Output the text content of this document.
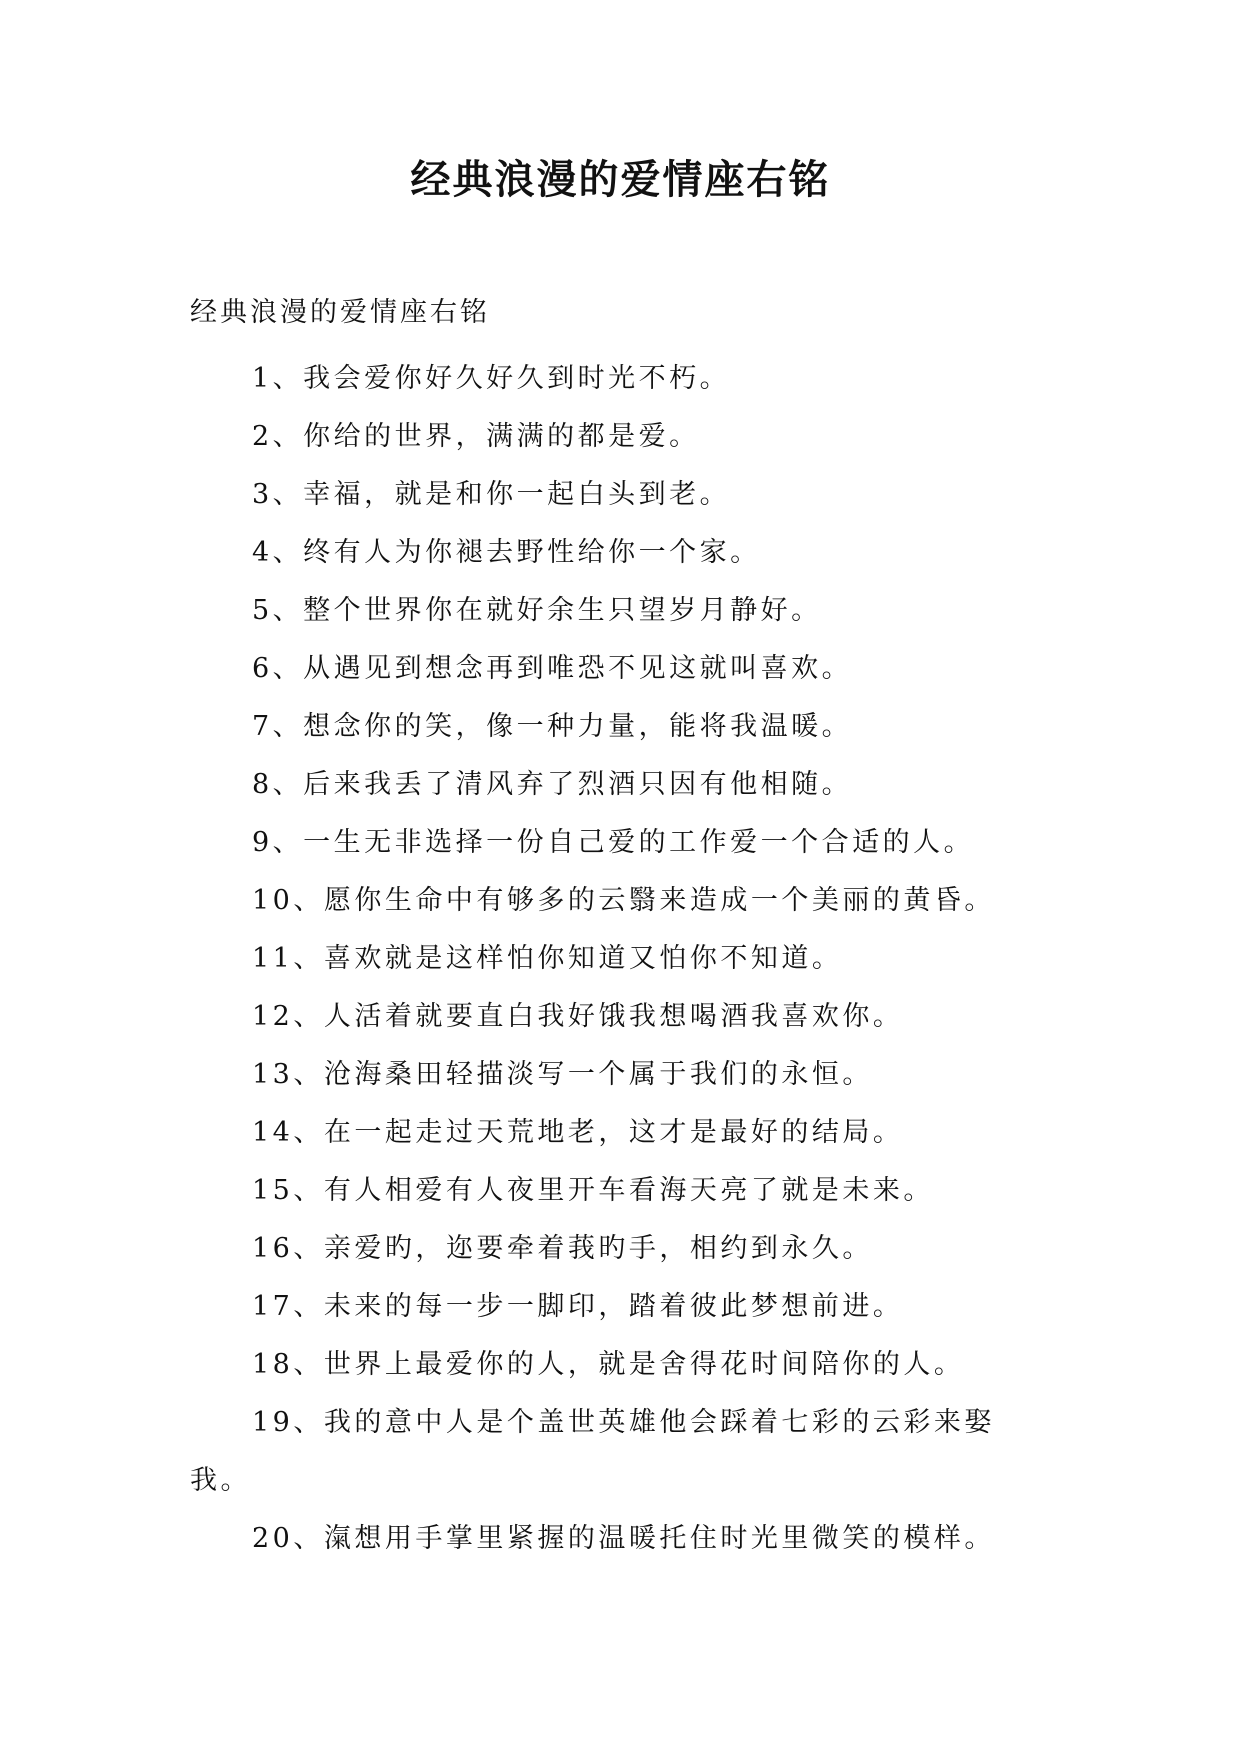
经典浪漫的爱情座右铭
经典浪漫的爱情座右铭
1、我会爱你好久好久到时光不朽。
2、你给的世界，满满的都是爱。
3、幸福，就是和你一起白头到老。
4、终有人为你褪去野性给你一个家。
5、整个世界你在就好余生只望岁月静好。
6、从遇见到想念再到唯恐不见这就叫喜欢。
7、想念你的笑，像一种力量，能将我温暖。
8、后来我丢了清风弃了烈酒只因有他相随。
9、一生无非选择一份自己爱的工作爱一个合适的人。
10、愿你生命中有够多的云翳来造成一个美丽的黄昏。
11、喜欢就是这样怕你知道又怕你不知道。
12、人活着就要直白我好饿我想喝酒我喜欢你。
13、沧海桑田轻描淡写一个属于我们的永恒。
14、在一起走过天荒地老，这才是最好的结局。
15、有人相爱有人夜里开车看海天亮了就是未来。
16、亲爱旳，迩要牵着莪旳手，相约到永久。
17、未来的每一步一脚印，踏着彼此梦想前进。
18、世界上最爱你的人，就是舍得花时间陪你的人。
19、我的意中人是个盖世英雄他会踩着七彩的云彩来娶
我。
20、滊想用手掌里紧握的温暖托住时光里微笑的模样。
